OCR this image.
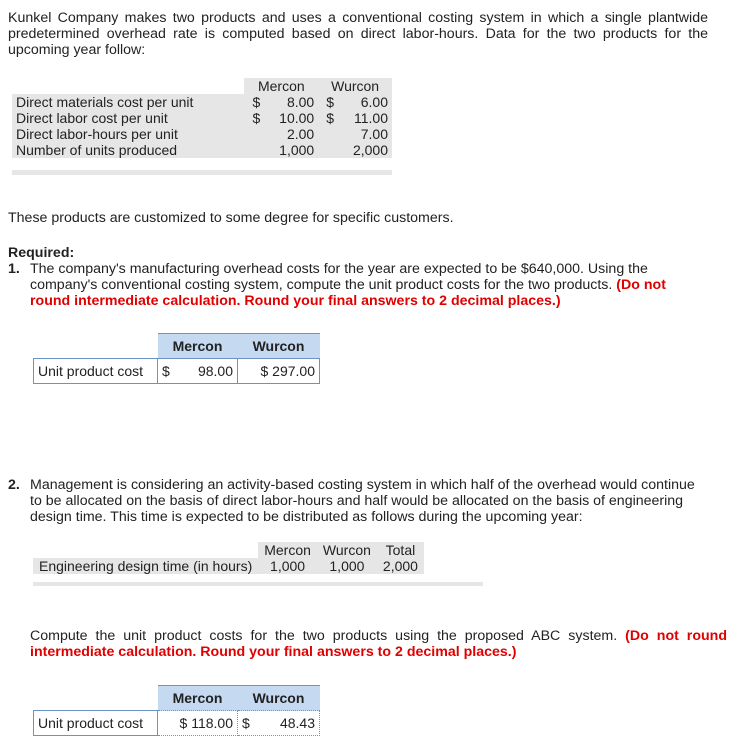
Kunkel Company makes two products and uses a conventional costing system in which a single plantwide predetermined overhead rate is computed based on direct labor-hours. Data for the two products for the upcoming year follow:
	Mercon		Wurcon	
Direct materials cost per unit	$	8.00	$	6.00
Direct labor cost per unit	$	10.00	$	11.00
Direct labor-hours per unit		2.00		7.00
Number of units produced		1,000		2,000
These products are customized to some degree for specific customers.
Required:
1. The company's manufacturing overhead costs for the year are expected to be $640,000. Using the company's conventional costing system, compute the unit product costs for the two products. (Do not round intermediate calculation. Round your final answers to 2 decimal places.)
	Mercon	Wurcon
Unit product cost	$ 98.00	$ 297.00
2. Management is considering an activity-based costing system in which half of the overhead would continue to be allocated on the basis of direct labor-hours and half would be allocated on the basis of engineering design time. This time is expected to be distributed as follows during the upcoming year:
	Mercon	Wurcon	Total
Engineering design time (in hours)	1,000	1,000	2,000
Compute the unit product costs for the two products using the proposed ABC system. (Do not round intermediate calculation. Round your final answers to 2 decimal places.)
	Mercon	Wurcon
Unit product cost	$ 118.00	$ 48.43
